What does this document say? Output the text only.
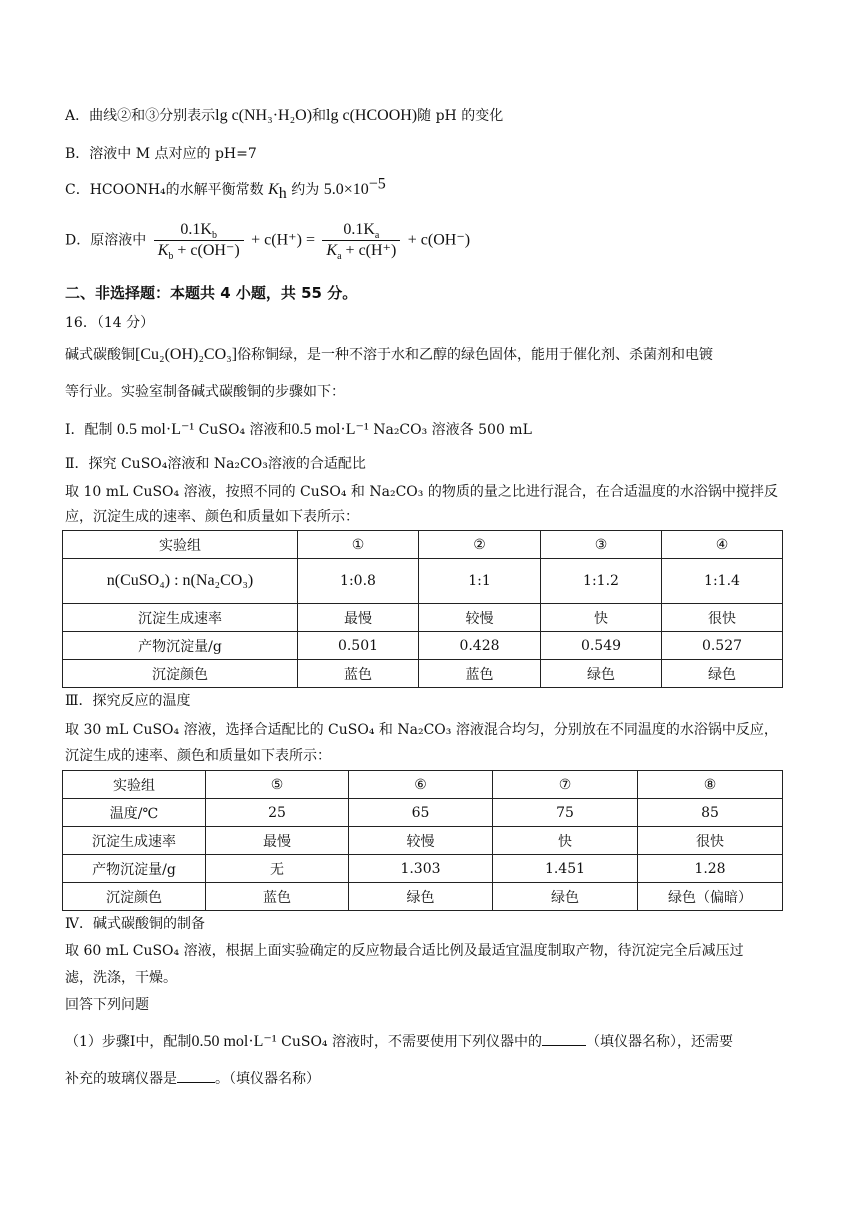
A．曲线②和③分别表示lg c(NH₃·H₂O)和lg c(HCOOH)随 pH 的变化
B．溶液中 M 点对应的 pH=7
C．HCOONH₄的水解平衡常数 $K_h$ 约为 $5.0\times 10^{-5}$
D．原溶液中 $\frac{0.1K_b}{K_b + c(OH^-)} + c(H^+) = \frac{0.1K_a}{K_a + c(H^+)} + c(OH^-)$
二、非选择题：本题共 4 小题，共 55 分。
16．（14 分）
碱式碳酸铜[Cu₂(OH)₂CO₃]俗称铜绿，是一种不溶于水和乙醇的绿色固体，能用于催化剂、杀菌剂和电镀
等行业。实验室制备碱式碳酸铜的步骤如下：
Ⅰ．配制 0.5 mol·L⁻¹ CuSO₄ 溶液和0.5 mol·L⁻¹ Na₂CO₃ 溶液各 500 mL
Ⅱ．探究 CuSO₄溶液和 Na₂CO₃溶液的合适配比
取 10 mL CuSO₄ 溶液，按照不同的 CuSO₄ 和 Na₂CO₃ 的物质的量之比进行混合，在合适温度的水浴锅中搅拌反
应，沉淀生成的速率、颜色和质量如下表所示：
实验组	①	②	③	④
n(CuSO₄) : n(Na₂CO₃)	1:0.8	1:1	1:1.2	1:1.4
沉淀生成速率	最慢	较慢	快	很快
产物沉淀量/g	0.501	0.428	0.549	0.527
沉淀颜色	蓝色	蓝色	绿色	绿色
Ⅲ．探究反应的温度
取 30 mL CuSO₄ 溶液，选择合适配比的 CuSO₄ 和 Na₂CO₃ 溶液混合均匀，分别放在不同温度的水浴锅中反应，
沉淀生成的速率、颜色和质量如下表所示：
实验组	⑤	⑥	⑦	⑧
温度/℃	25	65	75	85
沉淀生成速率	最慢	较慢	快	很快
产物沉淀量/g	无	1.303	1.451	1.28
沉淀颜色	蓝色	绿色	绿色	绿色（偏暗）
Ⅳ．碱式碳酸铜的制备
取 60 mL CuSO₄ 溶液，根据上面实验确定的反应物最合适比例及最适宜温度制取产物，待沉淀完全后减压过
滤，洗涤，干燥。
回答下列问题
（1）步骤Ⅰ中，配制0.50 mol·L⁻¹ CuSO₄ 溶液时，不需要使用下列仪器中的	（填仪器名称），还需要
补充的玻璃仪器是	。（填仪器名称）
